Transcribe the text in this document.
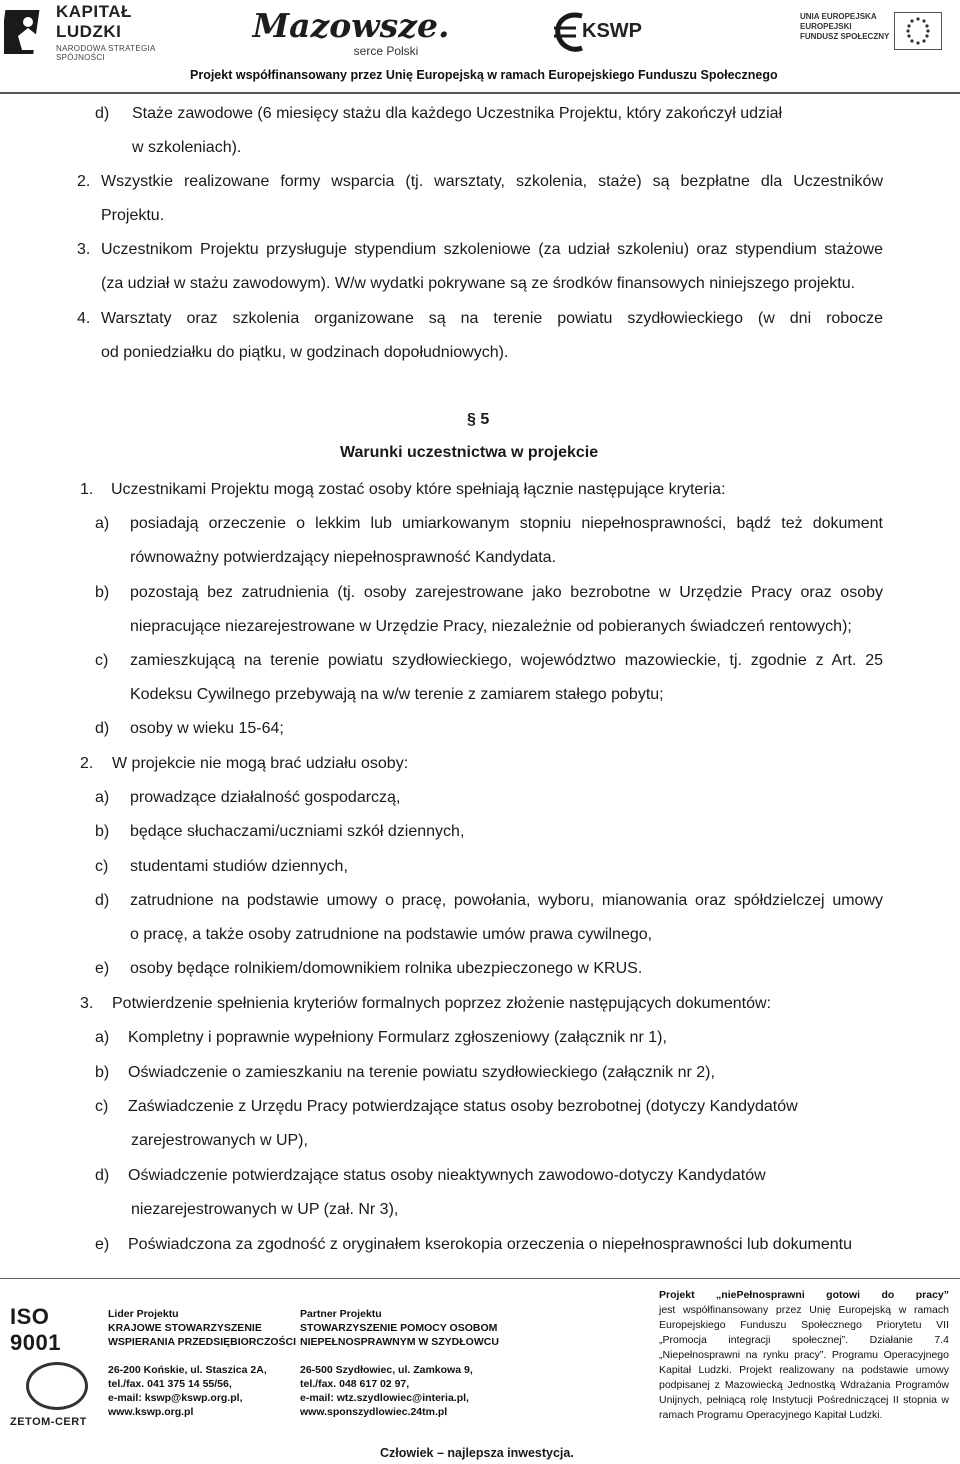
KAPITAŁ LUDZKI
NARODOWA STRATEGIA SPÓJNOŚCI
Mazowsze.
serce Polski
KSWP
UNIA EUROPEJSKA
EUROPEJSKI
FUNDUSZ SPOŁECZNY
Projekt współfinansowany przez Unię Europejską w ramach Europejskiego Funduszu Społecznego
d) Staże zawodowe (6 miesięcy stażu dla każdego Uczestnika Projektu, który zakończył udział
w szkoleniach).
2. Wszystkie realizowane formy wsparcia (tj. warsztaty, szkolenia, staże) są bezpłatne dla Uczestników
Projektu.
3. Uczestnikom Projektu przysługuje stypendium szkoleniowe (za udział szkoleniu) oraz stypendium stażowe
(za udział w stażu zawodowym). W/w wydatki pokrywane są ze środków finansowych niniejszego projektu.
4. Warsztaty oraz szkolenia organizowane są na terenie powiatu szydłowieckiego (w dni robocze
od poniedziałku do piątku, w godzinach dopołudniowych).
§ 5
Warunki uczestnictwa w projekcie
1. Uczestnikami Projektu mogą zostać osoby które spełniają łącznie następujące kryteria:
a) posiadają orzeczenie o lekkim lub umiarkowanym stopniu niepełnosprawności, bądź też dokument
równoważny potwierdzający niepełnosprawność Kandydata.
b) pozostają bez zatrudnienia (tj. osoby zarejestrowane jako bezrobotne w Urzędzie Pracy oraz osoby
niepracujące niezarejestrowane w Urzędzie Pracy, niezależnie od pobieranych świadczeń rentowych);
c) zamieszkującą na terenie powiatu szydłowieckiego, województwo mazowieckie, tj. zgodnie z Art. 25
Kodeksu Cywilnego przebywają na w/w terenie z zamiarem stałego pobytu;
d) osoby w wieku 15-64;
2. W projekcie nie mogą brać udziału osoby:
a) prowadzące działalność gospodarczą,
b) będące słuchaczami/uczniami szkół dziennych,
c) studentami studiów dziennych,
d) zatrudnione na podstawie umowy o pracę, powołania, wyboru, mianowania oraz spółdzielczej umowy
o pracę, a także osoby zatrudnione na podstawie umów prawa cywilnego,
e) osoby będące rolnikiem/domownikiem rolnika ubezpieczonego w KRUS.
3. Potwierdzenie spełnienia kryteriów formalnych poprzez złożenie następujących dokumentów:
a) Kompletny i poprawnie wypełniony Formularz zgłoszeniowy (załącznik nr 1),
b) Oświadczenie o zamieszkaniu na terenie powiatu szydłowieckiego (załącznik nr 2),
c) Zaświadczenie z Urzędu Pracy potwierdzające status osoby bezrobotnej (dotyczy Kandydatów
zarejestrowanych w UP),
d) Oświadczenie potwierdzające status osoby nieaktywnych zawodowo-dotyczy Kandydatów
niezarejestrowanych w UP (zał. Nr 3),
e) Poświadczona za zgodność z oryginałem kserokopia orzeczenia o niepełnosprawności lub dokumentu
ISO 9001
ZETOM-CERT
Lider Projektu
KRAJOWE STOWARZYSZENIE
WSPIERANIA PRZEDSIĘBIORCZOŚCI
26-200 Końskie, ul. Staszica 2A,
tel./fax. 041 375 14 55/56,
e-mail: kswp@kswp.org.pl,
www.kswp.org.pl
Partner Projektu
STOWARZYSZENIE POMOCY OSOBOM
NIEPEŁNOSPRAWNYM W SZYDŁOWCU
26-500 Szydłowiec, ul. Zamkowa 9,
tel./fax. 048 617 02 97,
e-mail: wtz.szydlowiec@interia.pl,
www.sponszydlowiec.24tm.pl
Projekt „niePełnosprawni gotowi do pracy”
jest współfinansowany przez Unię Europejską w ramach Europejskiego Funduszu Społecznego Priorytetu VII „Promocja integracji społecznej”. Działanie 7.4 „Niepełnosprawni na rynku pracy”. Programu Operacyjnego Kapitał Ludzki. Projekt realizowany na podstawie umowy podpisanej z Mazowiecką Jednostką Wdrażania Programów Unijnych, pełniącą rolę Instytucji Pośredniczącej II stopnia w ramach Programu Operacyjnego Kapitał Ludzki.
Człowiek – najlepsza inwestycja.
